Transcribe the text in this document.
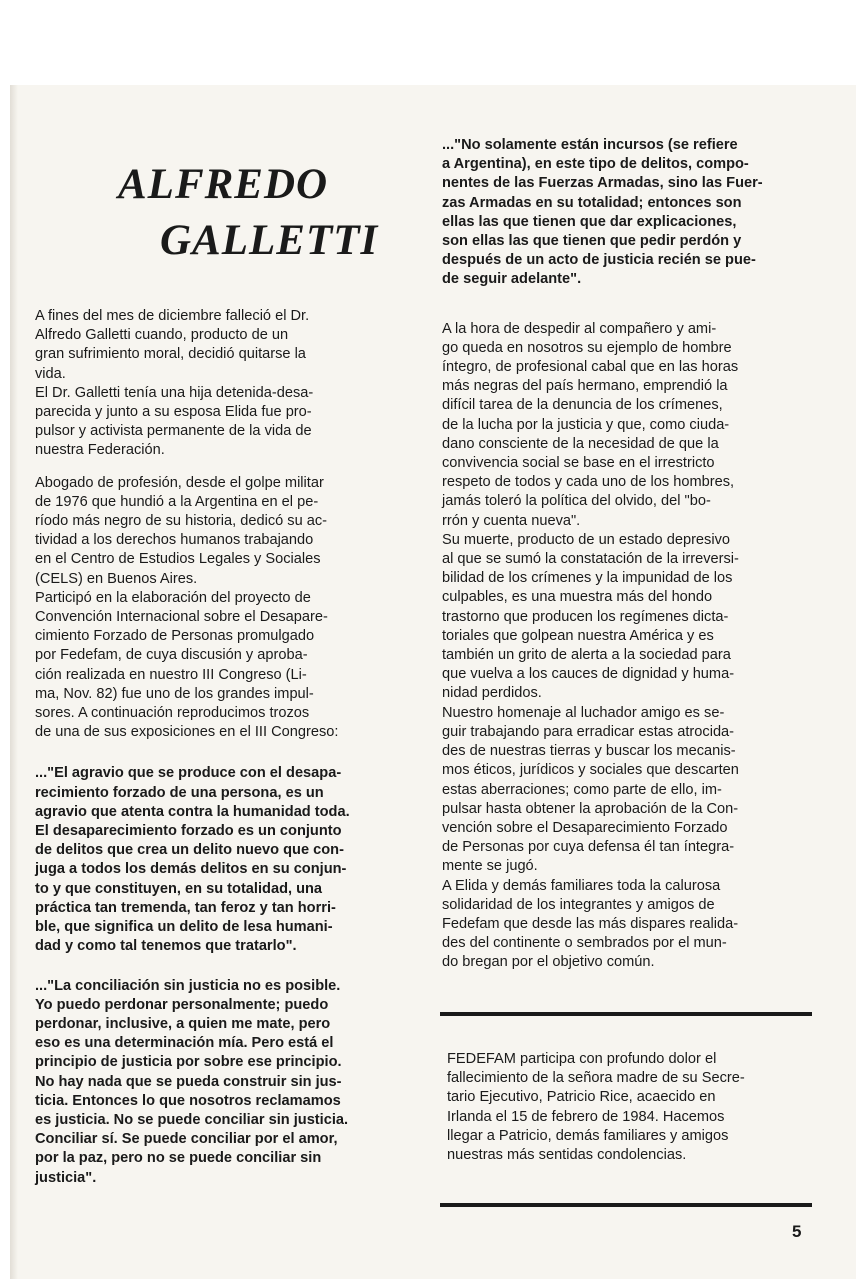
ALFREDO
GALLETTI

A fines del mes de diciembre falleció el Dr.
Alfredo Galletti cuando, producto de un
gran sufrimiento moral, decidió quitarse la
vida.

El Dr. Galletti tenía una hija detenida-desa-
parecida y junto a su esposa Elida fue pro-
pulsor y activista permanente de la vida de
nuestra Federación.

Abogado de profesión, desde el golpe militar
de 1976 que hundió a la Argentina en el pe-
ríodo más negro de su historia, dedicó su ac-
tividad a los derechos humanos trabajando
en el Centro de Estudios Legales y Sociales
(CELS) en Buenos Aires.

Participó en la elaboración del proyecto de
Convención Internacional sobre el Desapare-
cimiento Forzado de Personas promulgado
por Fedefam, de cuya discusión y aproba-
ción realizada en nuestro III Congreso (Li-
ma, Nov. 82) fue uno de los grandes impul-
sores. A continuación reproducimos trozos
de una de sus exposiciones en el III Congreso:

..."El agravio que se produce con el desapa-
recimiento forzado de una persona, es un
agravio que atenta contra la humanidad toda.
El desaparecimiento forzado es un conjunto
de delitos que crea un delito nuevo que con-
juga a todos los demás delitos en su conjun-
to y que constituyen, en su totalidad, una
práctica tan tremenda, tan feroz y tan horri-
ble, que significa un delito de lesa humani-
dad y como tal tenemos que tratarlo".

..."La conciliación sin justicia no es posible.
Yo puedo perdonar personalmente; puedo
perdonar, inclusive, a quien me mate, pero
eso es una determinación mía. Pero está el
principio de justicia por sobre ese principio.
No hay nada que se pueda construir sin jus-
ticia. Entonces lo que nosotros reclamamos
es justicia. No se puede conciliar sin justicia.
Conciliar sí. Se puede conciliar por el amor,
por la paz, pero no se puede conciliar sin
justicia".

..."No solamente están incursos (se refiere
a Argentina), en este tipo de delitos, compo-
nentes de las Fuerzas Armadas, sino las Fuer-
zas Armadas en su totalidad; entonces son
ellas las que tienen que dar explicaciones,
son ellas las que tienen que pedir perdón y
después de un acto de justicia recién se pue-
de seguir adelante".

A la hora de despedir al compañero y ami-
go queda en nosotros su ejemplo de hombre
íntegro, de profesional cabal que en las horas
más negras del país hermano, emprendió la
difícil tarea de la denuncia de los crímenes,
de la lucha por la justicia y que, como ciuda-
dano consciente de la necesidad de que la
convivencia social se base en el irrestricto
respeto de todos y cada uno de los hombres,
jamás toleró la política del olvido, del "bo-
rrón y cuenta nueva".

Su muerte, producto de un estado depresivo
al que se sumó la constatación de la irreversi-
bilidad de los crímenes y la impunidad de los
culpables, es una muestra más del hondo
trastorno que producen los regímenes dicta-
toriales que golpean nuestra América y es
también un grito de alerta a la sociedad para
que vuelva a los cauces de dignidad y huma-
nidad perdidos.

Nuestro homenaje al luchador amigo es se-
guir trabajando para erradicar estas atrocida-
des de nuestras tierras y buscar los mecanis-
mos éticos, jurídicos y sociales que descarten
estas aberraciones; como parte de ello, im-
pulsar hasta obtener la aprobación de la Con-
vención sobre el Desaparecimiento Forzado
de Personas por cuya defensa él tan íntegra-
mente se jugó.

A Elida y demás familiares toda la calurosa
solidaridad de los integrantes y amigos de
Fedefam que desde las más dispares realida-
des del continente o sembrados por el mun-
do bregan por el objetivo común.

FEDEFAM participa con profundo dolor el
fallecimiento de la señora madre de su Secre-
tario Ejecutivo, Patricio Rice, acaecido en
Irlanda el 15 de febrero de 1984. Hacemos
llegar a Patricio, demás familiares y amigos
nuestras más sentidas condolencias.

5
